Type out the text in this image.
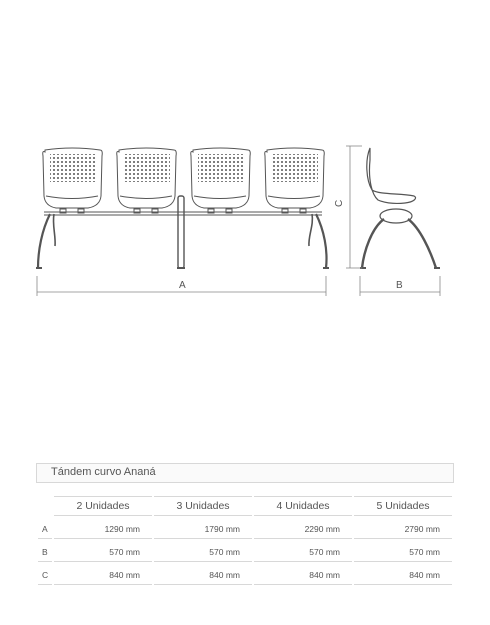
A	B
C
Tándem curvo Ananá
	2 Unidades	3 Unidades	4 Unidades	5 Unidades

A	1290 mm	1790 mm	2290 mm	2790 mm

B	570 mm	570 mm	570 mm	570 mm

C	840 mm	840 mm	840 mm	840 mm
